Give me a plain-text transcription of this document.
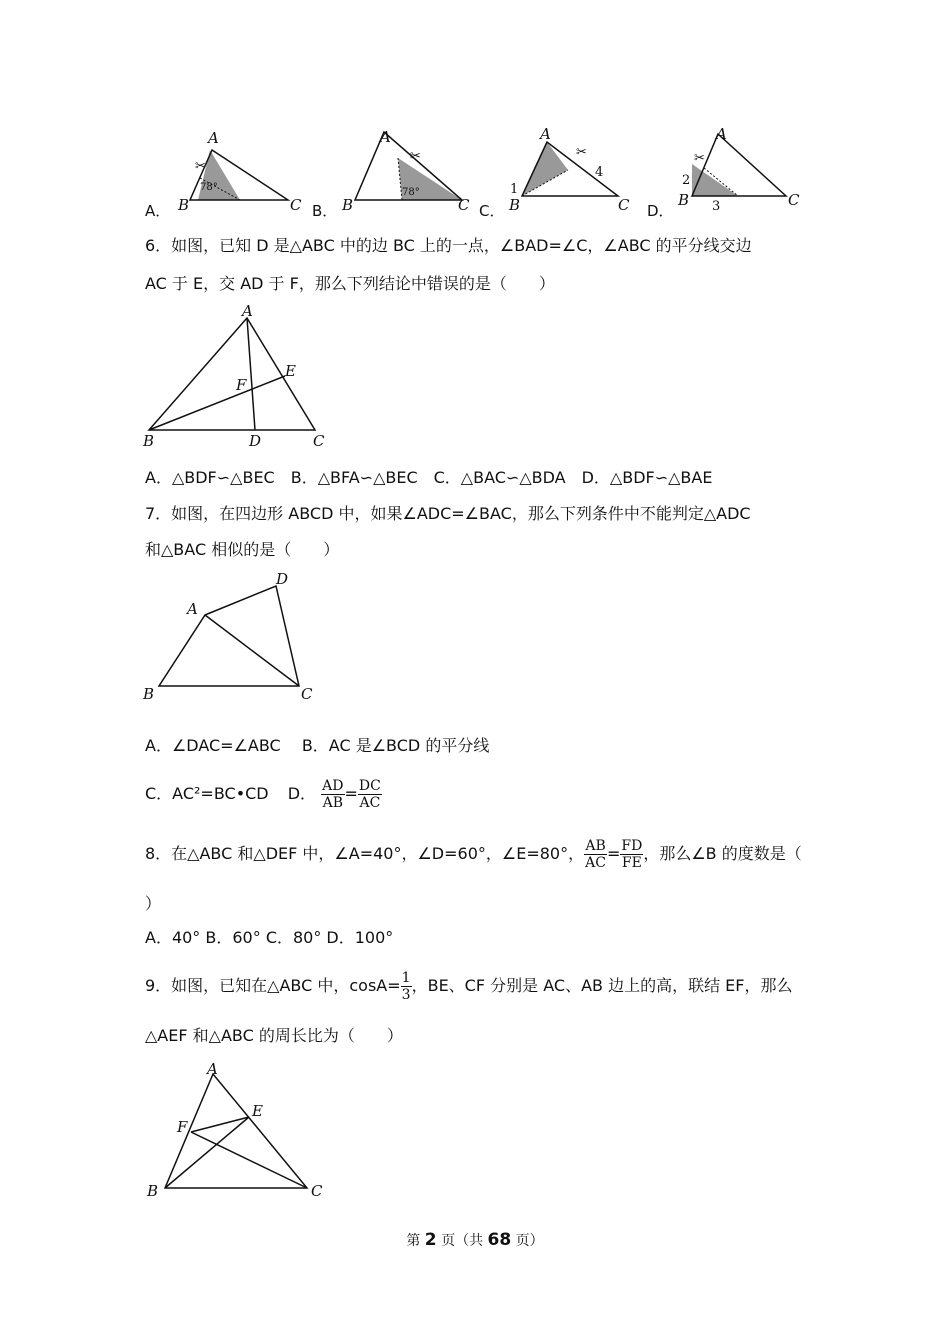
A．	B．	C．	D．
✂
A
B	C
78°
✂
A
B	C
78°
✂
A
B	C
1
4
✂
A
B	C
2
3
6．如图，已知 D 是△ABC 中的边 BC 上的一点，∠BAD=∠C，∠ABC 的平分线交边
AC 于 E，交 AD 于 F，那么下列结论中错误的是（　　）
A
B	C
D
E
F
A．△BDF∽△BEC　B．△BFA∽△BEC　C．△BAC∽△BDA　D．△BDF∽△BAE
7．如图，在四边形 ABCD 中，如果∠ADC=∠BAC，那么下列条件中不能判定△ADC
和△BAC 相似的是（　　）
A
B	C
D
A．∠DAC=∠ABC　 B．AC 是∠BCD 的平分线
C．AC²=BC•CD D． $\frac{AD}{AB} = \frac{DC}{AC}$
8．在△ABC 和△DEF 中，∠A=40°，∠D=60°，∠E=80°， $\frac{AB}{AC} = \frac{FD}{FE}$ ，那么∠B 的度数是（
）
A．40° B．60° C．80° D．100°
9．如图，已知在△ABC 中，$\cos A= \frac{1}{3}$ ，BE、CF 分别是 AC、AB 边上的高，联结 EF，那么
△AEF 和△ABC 的周长比为（　　）
A
B	C
E
F
第 2 页（共 68 页）
